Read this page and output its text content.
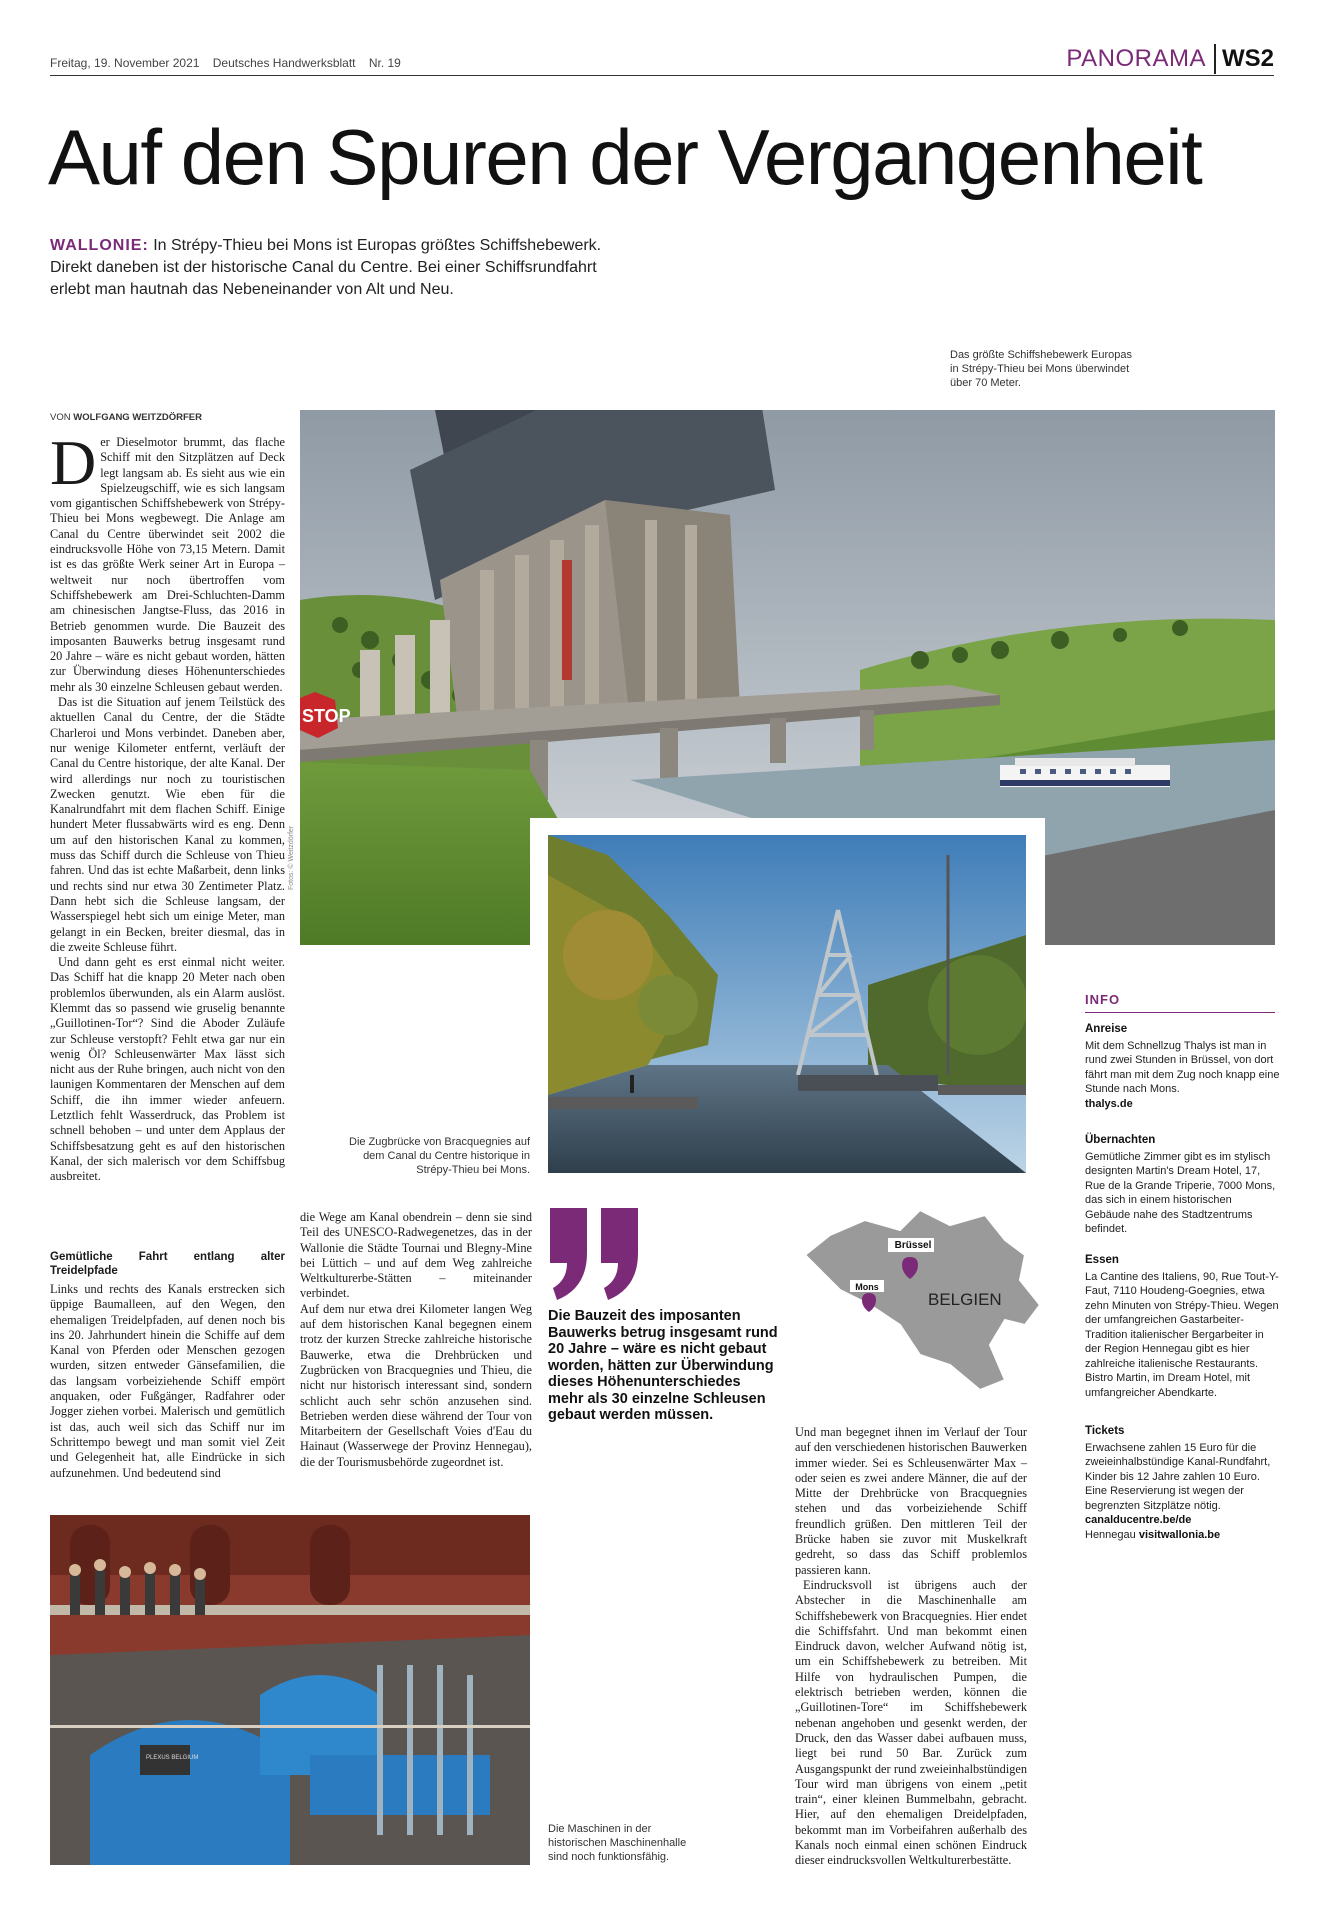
Freitag, 19. November 2021 Deutsches Handwerksblatt Nr. 19	PANORAMA WS2
Auf den Spuren der Vergangenheit
WALLONIE: In Strépy-Thieu bei Mons ist Europas größtes Schiffshebewerk. Direkt daneben ist der historische Canal du Centre. Bei einer Schiffsrundfahrt erlebt man hautnah das Nebeneinander von Alt und Neu.
STOP
Das größte Schiffshebewerk Europas in Strépy-Thieu bei Mons überwindet über 70 Meter.
Fotos: © Weitzdörfer
VON WOLFGANG WEITZDÖRFER

Der Dieselmotor brummt, das flache Schiff mit den Sitzplätzen auf Deck legt langsam ab. Es sieht aus wie ein Spielzeugschiff, wie es sich langsam vom gigantischen Schiffshebewerk von Strépy-Thieu bei Mons wegbewegt. Die Anlage am Canal du Centre überwindet seit 2002 die eindrucksvolle Höhe von 73,15 Metern. Damit ist es das größte Werk seiner Art in Europa – weltweit nur noch übertroffen vom Schiffshebewerk am Drei-Schluchten-Damm am chinesischen Jangtse-Fluss, das 2016 in Betrieb genommen wurde. Die Bauzeit des imposanten Bauwerks betrug insgesamt rund 20 Jahre – wäre es nicht gebaut worden, hätten zur Überwindung dieses Höhenunterschiedes mehr als 30 einzelne Schleusen gebaut werden.

Das ist die Situation auf jenem Teilstück des aktuellen Canal du Centre, der die Städte Charleroi und Mons verbindet. Daneben aber, nur wenige Kilometer entfernt, verläuft der Canal du Centre historique, der alte Kanal. Der wird allerdings nur noch zu touristischen Zwecken genutzt. Wie eben für die Kanalrundfahrt mit dem flachen Schiff. Einige hundert Meter flussabwärts wird es eng. Denn um auf den historischen Kanal zu kommen, muss das Schiff durch die Schleuse von Thieu fahren. Und das ist echte Maßarbeit, denn links und rechts sind nur etwa 30 Zentimeter Platz. Dann hebt sich die Schleuse langsam, der Wasserspiegel hebt sich um einige Meter, man gelangt in ein Becken, breiter diesmal, das in die zweite Schleuse führt.

Und dann geht es erst einmal nicht weiter. Das Schiff hat die knapp 20 Meter nach oben problemlos überwunden, als ein Alarm auslöst. Klemmt das so passend wie gruselig benannte „Guillotinen-Tor“? Sind die Aboder Zuläufe zur Schleuse verstopft? Fehlt etwa gar nur ein wenig Öl? Schleusenwärter Max lässt sich nicht aus der Ruhe bringen, auch nicht von den launigen Kommentaren der Menschen auf dem Schiff, die ihn immer wieder anfeuern. Letztlich fehlt Wasserdruck, das Problem ist schnell behoben – und unter dem Applaus der Schiffsbesatzung geht es auf den historischen Kanal, der sich malerisch vor dem Schiffsbug ausbreitet.

Gemütliche Fahrt entlang alter Treidelpfade

Links und rechts des Kanals erstrecken sich üppige Baumalleen, auf den Wegen, den ehemaligen Treidelpfaden, auf denen noch bis ins 20. Jahrhundert hinein die Schiffe auf dem Kanal von Pferden oder Menschen gezogen wurden, sitzen entweder Gänsefamilien, die das langsam vorbeiziehende Schiff empört anquaken, oder Fußgänger, Radfahrer oder Jogger ziehen vorbei. Malerisch und gemütlich ist das, auch weil sich das Schiff nur im Schrittempo bewegt und man somit viel Zeit und Gelegenheit hat, alle Eindrücke in sich aufzunehmen. Und bedeutend sind

Die Zugbrücke von Bracquegnies auf dem Canal du Centre historique in Strépy-Thieu bei Mons.

die Wege am Kanal obendrein – denn sie sind Teil des UNESCO-Radwegenetzes, das in der Wallonie die Städte Tournai und Blegny-Mine bei Lüttich – und auf dem Weg zahlreiche Weltkulturerbe-Stätten – miteinander verbindet.

Auf dem nur etwa drei Kilometer langen Weg auf dem historischen Kanal begegnen einem trotz der kurzen Strecke zahlreiche historische Bauwerke, etwa die Drehbrücken und Zugbrücken von Bracquegnies und Thieu, die nicht nur historisch interessant sind, sondern schlicht auch sehr schön anzusehen sind. Betrieben werden diese während der Tour von Mitarbeitern der Gesellschaft Voies d'Eau du Hainaut (Wasserwege der Provinz Hennegau), die der Tourismusbehörde zugeordnet ist.

Die Bauzeit des imposanten Bauwerks betrug insgesamt rund 20 Jahre – wäre es nicht gebaut worden, hätten zur Überwindung dieses Höhenunterschiedes mehr als 30 einzelne Schleusen gebaut werden müssen.
Brüssel
Mons
BELGIEN

Und man begegnet ihnen im Verlauf der Tour auf den verschiedenen historischen Bauwerken immer wieder. Sei es Schleusenwärter Max – oder seien es zwei andere Männer, die auf der Mitte der Drehbrücke von Bracquegnies stehen und das vorbeiziehende Schiff freundlich grüßen. Den mittleren Teil der Brücke haben sie zuvor mit Muskelkraft gedreht, so dass das Schiff problemlos passieren kann.

Eindrucksvoll ist übrigens auch der Abstecher in die Maschinenhalle am Schiffshebewerk von Bracquegnies. Hier endet die Schiffsfahrt. Und man bekommt einen Eindruck davon, welcher Aufwand nötig ist, um ein Schiffshebewerk zu betreiben. Mit Hilfe von hydraulischen Pumpen, die elektrisch betrieben werden, können die „Guillotinen-Tore“ im Schiffshebewerk nebenan angehoben und gesenkt werden, der Druck, den das Wasser dabei aufbauen muss, liegt bei rund 50 Bar. Zurück zum Ausgangspunkt der rund zweieinhalbstündigen Tour wird man übrigens von einem „petit train“, einer kleinen Bummelbahn, gebracht. Hier, auf den ehemaligen Dreidelpfaden, bekommt man im Vorbeifahren außerhalb des Kanals noch einmal einen schönen Eindruck dieser eindrucksvollen Weltkulturerbestätte.

PLEXUS BELGIUM
Die Maschinen in der historischen Maschinenhalle sind noch funktionsfähig.
INFO
Anreise
Mit dem Schnellzug Thalys ist man in rund zwei Stunden in Brüssel, von dort fährt man mit dem Zug noch knapp eine Stunde nach Mons.
thalys.de
Übernachten
Gemütliche Zimmer gibt es im stylisch designten Martin's Dream Hotel, 17, Rue de la Grande Triperie, 7000 Mons, das sich in einem historischen Gebäude nahe des Stadtzentrums befindet.
Essen
La Cantine des Italiens, 90, Rue Tout-Y-Faut, 7110 Houdeng-Goegnies, etwa zehn Minuten von Strépy-Thieu. Wegen der umfangreichen Gastarbeiter-Tradition italienischer Bergarbeiter in der Region Hennegau gibt es hier zahlreiche italienische Restaurants. Bistro Martin, im Dream Hotel, mit umfangreicher Abendkarte.
Tickets
Erwachsene zahlen 15 Euro für die zweieinhalbstündige Kanal-Rundfahrt, Kinder bis 12 Jahre zahlen 10 Euro. Eine Reservierung ist wegen der begrenzten Sitzplätze nötig.
canalducentre.be/de
Hennegau visitwallonia.be
